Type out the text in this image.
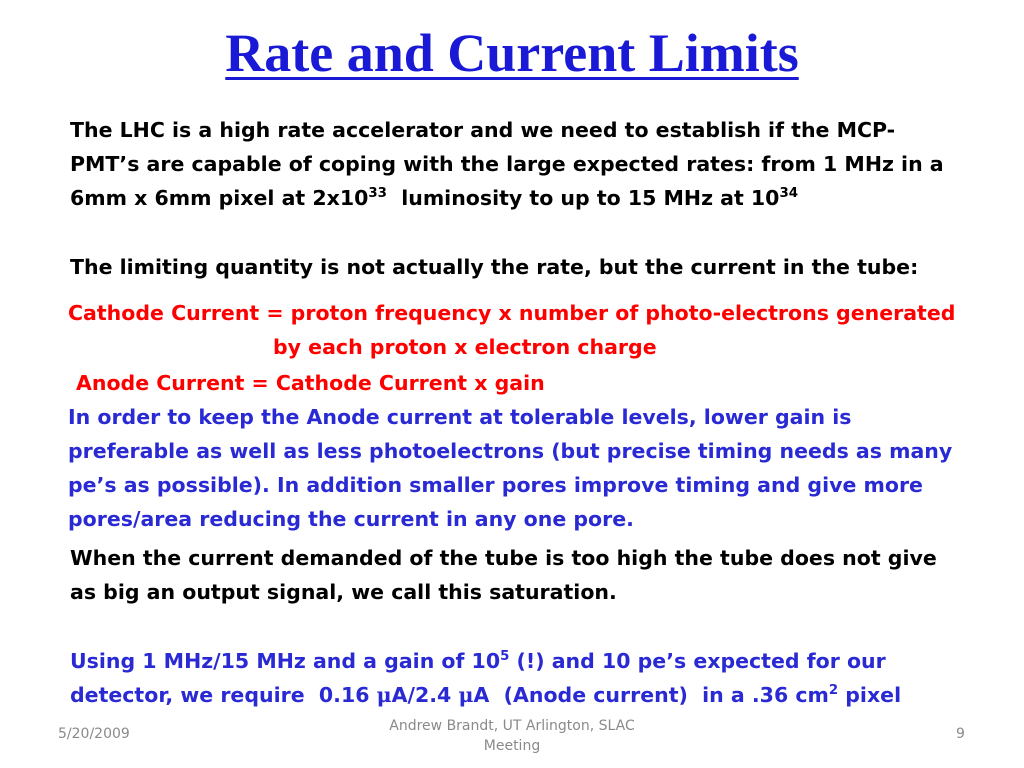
Rate and Current Limits
The LHC is a high rate accelerator and we need to establish if the MCP-
PMT’s are capable of coping with the large expected rates: from 1 MHz in a
6mm x 6mm pixel at $2x10^{33}$  luminosity to up to 15 MHz at $10^{34}$
The limiting quantity is not actually the rate, but the current in the tube:
Cathode Current = proton frequency x number of photo-electrons generated
by each proton x electron charge
Anode Current = Cathode Current x gain
In order to keep the Anode current at tolerable levels, lower gain is
preferable as well as less photoelectrons (but precise timing needs as many
pe’s as possible). In addition smaller pores improve timing and give more
pores/area reducing the current in any one pore.
When the current demanded of the tube is too high the tube does not give
as big an output signal, we call this saturation.
Using 1 MHz/15 MHz and a gain of $10^5$ (!) and 10 pe’s expected for our
detector, we require  0.16 μA/2.4 μA  (Anode current)  in a .36 $cm^2$ pixel
5/20/2009	Andrew Brandt, UT Arlington, SLAC
Meeting
9
